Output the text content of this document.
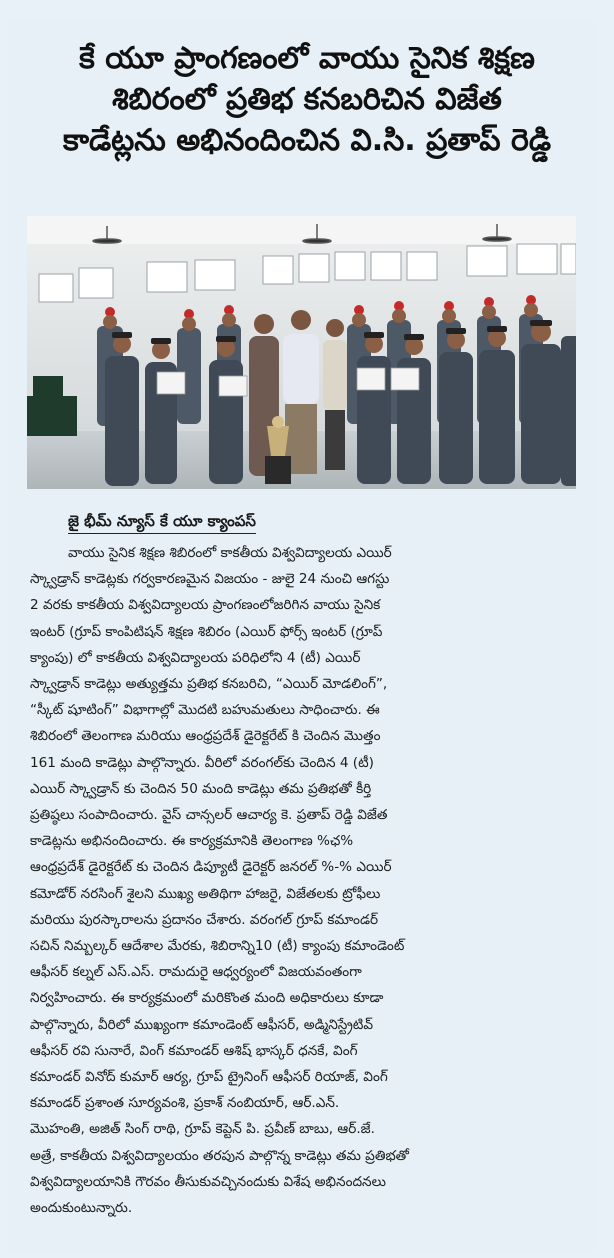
కే యూ ప్రాంగణంలో వాయు సైనిక శిక్షణ
శిబిరంలో ప్రతిభ కనబరిచిన విజేత
కాడేట్లను అభినందించిన వి.సి. ప్రతాప్ రెడ్డి
జై భీమ్ న్యూస్ కే యూ క్యాంపస్
వాయు సైనిక శిక్షణ శిబిరంలో కాకతీయ విశ్వవిద్యాలయ ఎయిర్
స్క్వాడ్రాన్ కాడెట్లకు గర్వకారణమైన విజయం - జులై 24 నుంచి ఆగస్టు
2 వరకు కాకతీయ విశ్వవిద్యాలయ ప్రాంగణంలోజరిగిన వాయు సైనిక
ఇంటర్ (గ్రూప్ కాంపిటిషన్ శిక్షణ శిబిరం (ఎయిర్ ఫోర్స్ ఇంటర్ (గ్రూప్
క్యాంపు) లో కాకతీయ విశ్వవిద్యాలయ పరిధిలోని 4 (టీ) ఎయిర్
స్క్వాడ్రాన్ కాడెట్లు అత్యుత్తమ ప్రతిభ కనబరిచి, “ఎయిర్ మోడలింగ్”,
“స్కీట్ షూటింగ్” విభాగాల్లో మొదటి బహుమతులు సాధించారు. ఈ
శిబిరంలో తెలంగాణ మరియు ఆంధ్రప్రదేశ్ డైరెక్టరేట్ కి చెందిన మొత్తం
161 మంది కాడెట్లు పాల్గొన్నారు. వీరిలో వరంగల్‌కు చెందిన 4 (టీ)
ఎయిర్ స్క్వాడ్రాన్ కు చెందిన 50 మంది కాడెట్లు తమ ప్రతిభతో కీర్తి
ప్రతిష్ఠలు సంపాదించారు. వైస్ చాన్సలర్ ఆచార్య కె. ప్రతాప్ రెడ్డి విజేత
కాడెట్లను అభినందించారు. ఈ కార్యక్రమానికి తెలంగాణ %ఛ%
ఆంధ్రప్రదేశ్ డైరెక్టరేట్ కు చెందిన డిప్యూటీ డైరెక్టర్ జనరల్ %-% ఎయిర్
కమోడోర్ నరసింగ్ శైలని ముఖ్య అతిథిగా హాజరై, విజేతలకు ట్రోఫీలు
మరియు పురస్కారాలను ప్రదానం చేశారు. వరంగల్ గ్రూప్ కమాండర్
సచిన్ నిమ్బల్కర్ ఆదేశాల మేరకు, శిబిరాన్ని10 (టీ) క్యాంపు కమాండెంట్
ఆఫీసర్ కల్నల్ ఎస్.ఎస్. రామదురై ఆధ్వర్యంలో విజయవంతంగా
నిర్వహించారు. ఈ కార్యక్రమంలో మరికొంత మంది అధికారులు కూడా
పాల్గొన్నారు, వీరిలో ముఖ్యంగా కమాండెంట్ ఆఫీసర్, అడ్మినిస్ట్రేటివ్
ఆఫీసర్ రవి సునారే, వింగ్ కమాండర్ ఆశిష్ భాస్కర్ ధనకే, వింగ్
కమాండర్ వినోద్ కుమార్ ఆర్య, గ్రూప్ ట్రైనింగ్ ఆఫీసర్ రియాజ్, వింగ్
కమాండర్ ప్రశాంత సూర్యవంశి, ప్రకాశ్ నంబియార్, ఆర్.ఎన్.
మొహంతి, అజిత్ సింగ్ రాథి, గ్రూప్ కెప్టెన్ పి. ప్రవీణ్ బాబు, ఆర్.జే.
అత్రే, కాకతీయ విశ్వవిద్యాలయం తరపున పాల్గొన్న కాడెట్లు తమ ప్రతిభతో
విశ్వవిద్యాలయానికి గౌరవం తీసుకువచ్చినందుకు విశేష అభినందనలు
అందుకుంటున్నారు.
